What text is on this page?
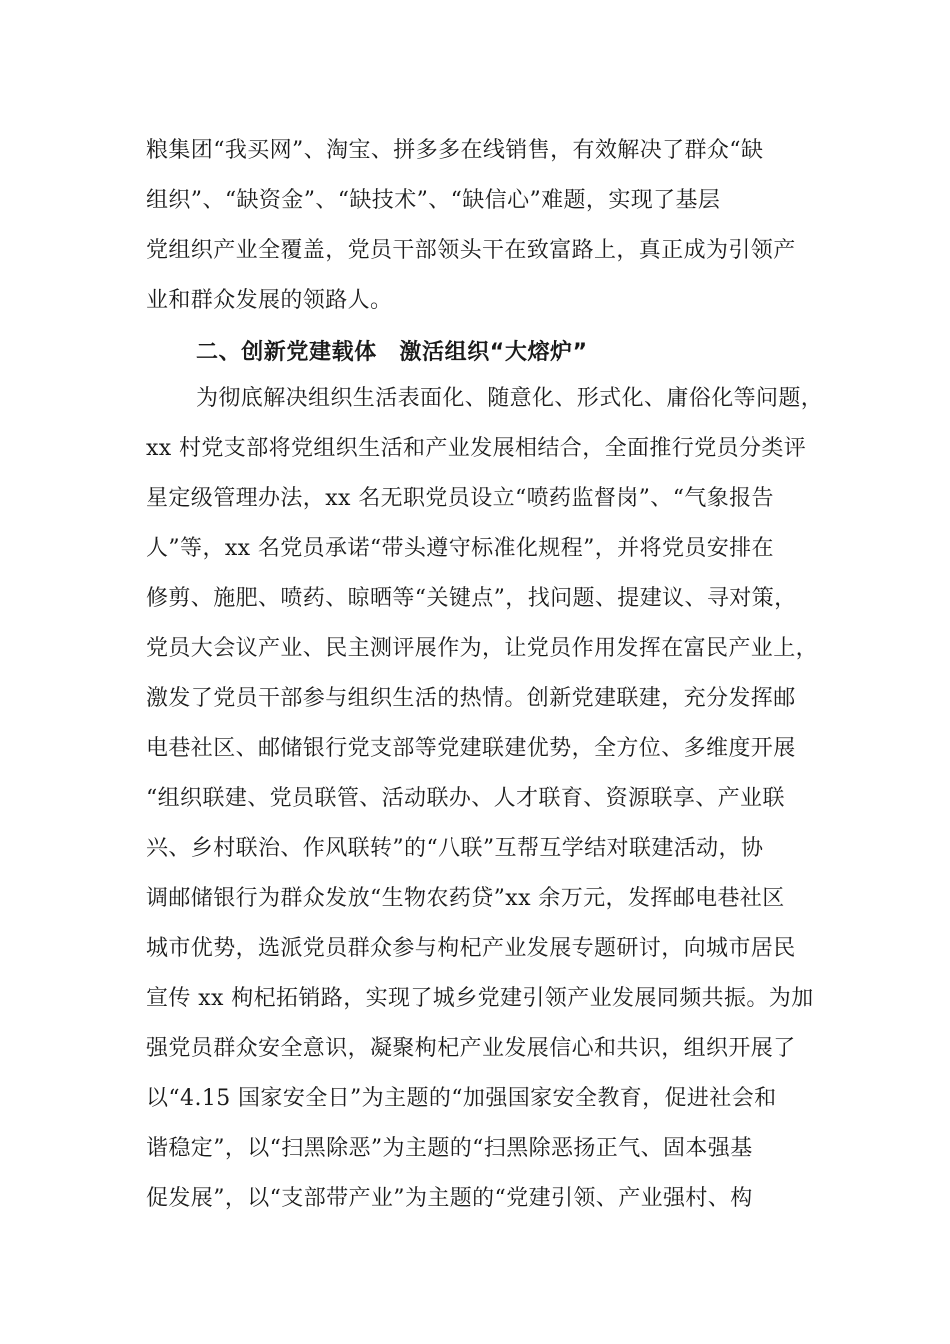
粮集团“我买网”、淘宝、拼多多在线销售，有效解决了群众“缺
组织”、“缺资金”、“缺技术”、“缺信心”难题，实现了基层
党组织产业全覆盖，党员干部领头干在致富路上，真正成为引领产
业和群众发展的领路人。
二、创新党建载体　激活组织“大熔炉”
为彻底解决组织生活表面化、随意化、形式化、庸俗化等问题，
xx 村党支部将党组织生活和产业发展相结合，全面推行党员分类评
星定级管理办法，xx 名无职党员设立“喷药监督岗”、“气象报告
人”等，xx 名党员承诺“带头遵守标准化规程”，并将党员安排在
修剪、施肥、喷药、晾晒等“关键点”，找问题、提建议、寻对策，
党员大会议产业、民主测评展作为，让党员作用发挥在富民产业上，
激发了党员干部参与组织生活的热情。创新党建联建，充分发挥邮
电巷社区、邮储银行党支部等党建联建优势，全方位、多维度开展
“组织联建、党员联管、活动联办、人才联育、资源联享、产业联
兴、乡村联治、作风联转”的“八联”互帮互学结对联建活动，协
调邮储银行为群众发放“生物农药贷”xx 余万元，发挥邮电巷社区
城市优势，选派党员群众参与枸杞产业发展专题研讨，向城市居民
宣传 xx 枸杞拓销路，实现了城乡党建引领产业发展同频共振。为加
强党员群众安全意识，凝聚枸杞产业发展信心和共识，组织开展了
以“4.15 国家安全日”为主题的“加强国家安全教育，促进社会和
谐稳定”，以“扫黑除恶”为主题的“扫黑除恶扬正气、固本强基
促发展”，以“支部带产业”为主题的“党建引领、产业强村、构
